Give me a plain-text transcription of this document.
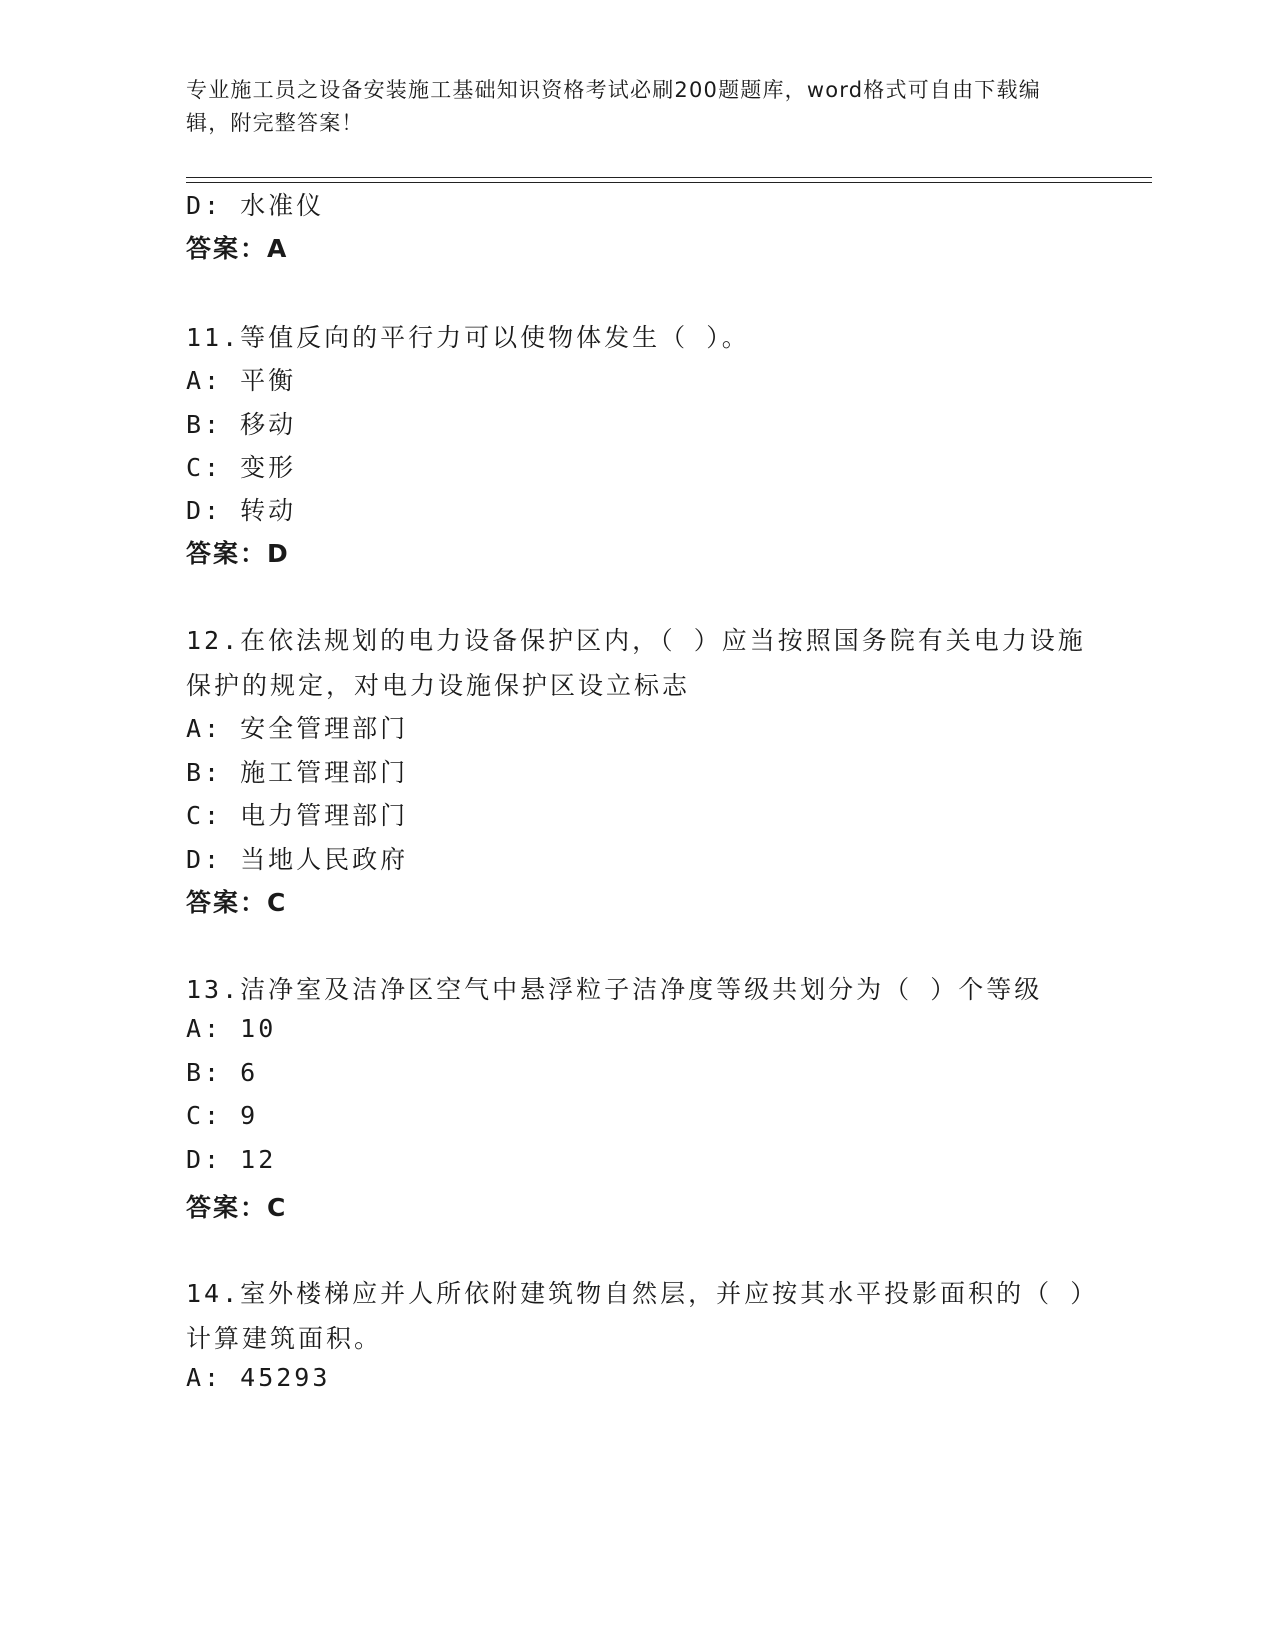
专业施工员之设备安装施工基础知识资格考试必刷200题题库，word格式可自由下载编辑，附完整答案！
D: 水准仪
答案：A
11.等值反向的平行力可以使物体发生（ ）。
A: 平衡
B: 移动
C: 变形
D: 转动
答案：D
12.在依法规划的电力设备保护区内，（ ）应当按照国务院有关电力设施保护的规定，对电力设施保护区设立标志
A: 安全管理部门
B: 施工管理部门
C: 电力管理部门
D: 当地人民政府
答案：C
13.洁净室及洁净区空气中悬浮粒子洁净度等级共划分为（ ）个等级
A: 10
B: 6
C: 9
D: 12
答案：C
14.室外楼梯应并人所依附建筑物自然层，并应按其水平投影面积的（ ）计算建筑面积。
A: 45293
